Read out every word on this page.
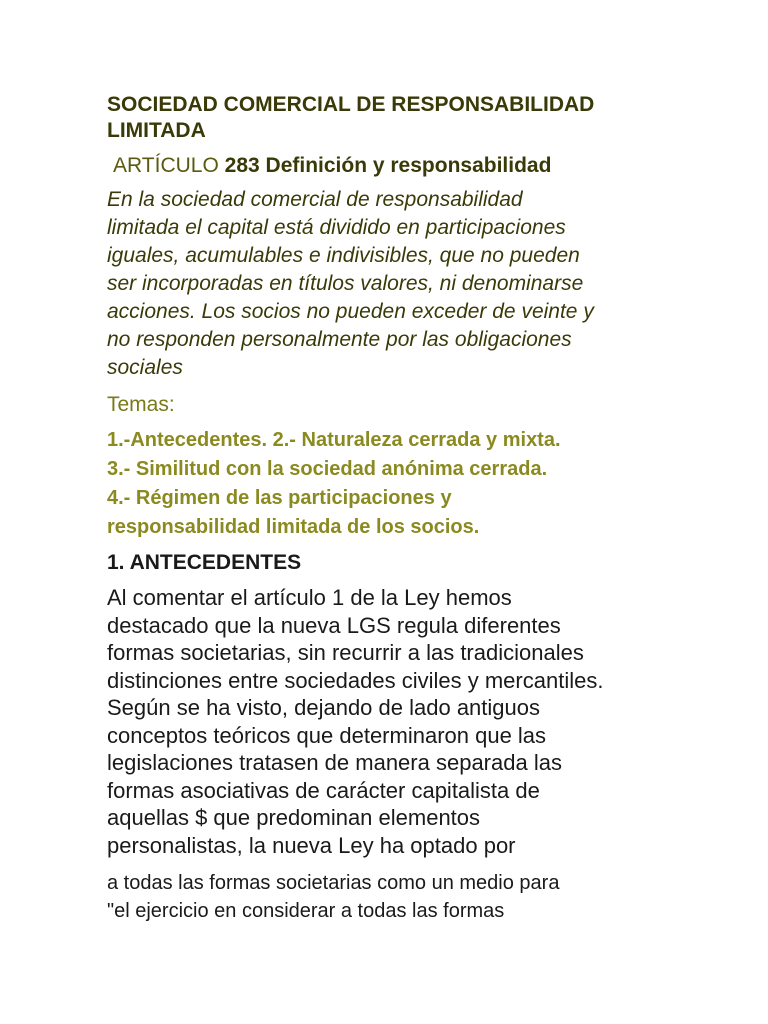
SOCIEDAD COMERCIAL DE RESPONSABILIDAD
LIMITADA
ARTÍCULO 283 Definición y responsabilidad
En la sociedad comercial de responsabilidad
limitada el capital está dividido en participaciones
iguales, acumulables e indivisibles, que no pueden
ser incorporadas en títulos valores, ni denominarse
acciones. Los socios no pueden exceder de veinte y
no responden personalmente por las obligaciones
sociales
Temas:
1.-Antecedentes. 2.- Naturaleza cerrada y mixta.
3.- Similitud con la sociedad anónima cerrada.
4.- Régimen de las participaciones y
responsabilidad limitada de los socios.
1. ANTECEDENTES
Al comentar el artículo 1 de la Ley hemos
destacado que la nueva LGS regula diferentes
formas societarias, sin recurrir a las tradicionales
distinciones entre sociedades civiles y mercantiles.
Según se ha visto, dejando de lado antiguos
conceptos teóricos que determinaron que las
legislaciones tratasen de manera separada las
formas asociativas de carácter capitalista de
aquellas $ que predominan elementos
personalistas, la nueva Ley ha optado por
a todas las formas societarias como un medio para
"el ejercicio en considerar a todas las formas
